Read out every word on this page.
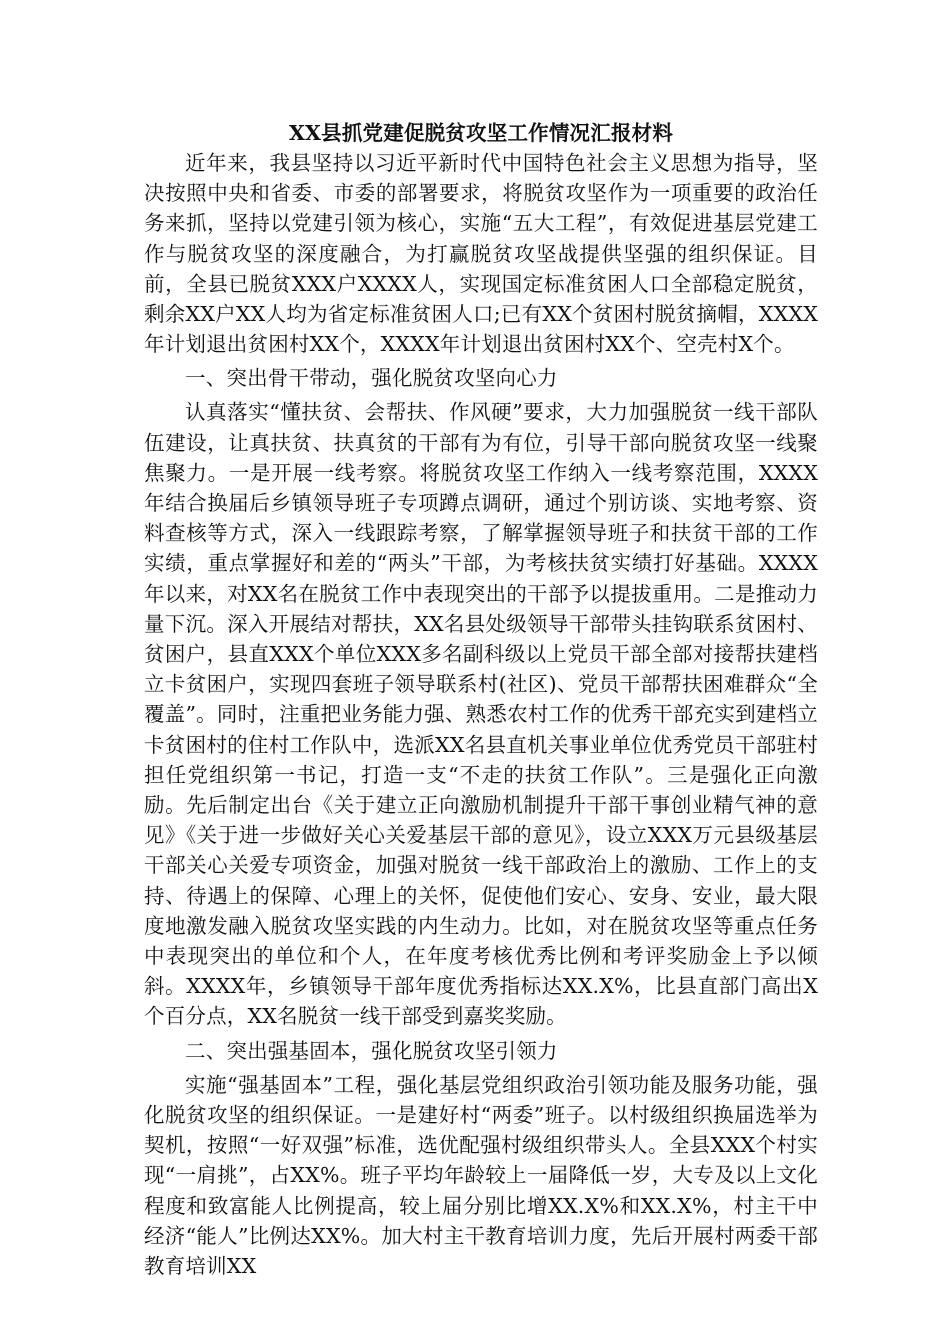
XX县抓党建促脱贫攻坚工作情况汇报材料

近年来，我县坚持以习近平新时代中国特色社会主义思想为指导，坚决按照中央和省委、市委的部署要求，将脱贫攻坚作为一项重要的政治任务来抓，坚持以党建引领为核心，实施“五大工程”，有效促进基层党建工作与脱贫攻坚的深度融合，为打赢脱贫攻坚战提供坚强的组织保证。目前，全县已脱贫XXX户XXXX人，实现国定标准贫困人口全部稳定脱贫， 剩余XX户XX人均为省定标准贫困人口;已有XX个贫困村脱贫摘帽，XXXX年计划退出贫困村XX个，XXXX年计划退出贫困村XX个、空壳村X个。

一、突出骨干带动，强化脱贫攻坚向心力

认真落实“懂扶贫、会帮扶、作风硬”要求，大力加强脱贫一线干部队伍建设，让真扶贫、扶真贫的干部有为有位，引导干部向脱贫攻坚一线聚焦聚力。一是开展一线考察。将脱贫攻坚工作纳入一线考察范围，XXXX年结合换届后乡镇领导班子专项蹲点调研，通过个别访谈、实地考察、资料查核等方式，深入一线跟踪考察，了解掌握领导班子和扶贫干部的工作实绩，重点掌握好和差的“两头”干部，为考核扶贫实绩打好基础。XXXX年以来，对XX名在脱贫工作中表现突出的干部予以提拔重用。二是推动力量下沉。深入开展结对帮扶，XX名县处级领导干部带头挂钩联系贫困村、贫困户，县直XXX个单位XXX多名副科级以上党员干部全部对接帮扶建档立卡贫困户，实现四套班子领导联系村(社区)、党员干部帮扶困难群众“全覆盖”。同时，注重把业务能力强、熟悉农村工作的优秀干部充实到建档立卡贫困村的住村工作队中，选派XX名县直机关事业单位优秀党员干部驻村担任党组织第一书记，打造一支“不走的扶贫工作队”。三是强化正向激励。先后制定出台《关于建立正向激励机制提升干部干事创业精气神的意见》《关于进一步做好关心关爱基层干部的意见》，设立XXX万元县级基层干部关心关爱专项资金，加强对脱贫一线干部政治上的激励、工作上的支持、待遇上的保障、心理上的关怀，促使他们安心、安身、安业，最大限度地激发融入脱贫攻坚实践的内生动力。比如，对在脱贫攻坚等重点任务中表现突出的单位和个人，在年度考核优秀比例和考评奖励金上予以倾斜。XXXX年，乡镇领导干部年度优秀指标达XX.X%，比县直部门高出X个百分点，XX名脱贫一线干部受到嘉奖奖励。

二、突出强基固本，强化脱贫攻坚引领力

实施“强基固本”工程，强化基层党组织政治引领功能及服务功能，强化脱贫攻坚的组织保证。一是建好村“两委”班子。以村级组织换届选举为契机，按照“一好双强”标准，选优配强村级组织带头人。全县XXX个村实现“一肩挑”，占XX%。班子平均年龄较上一届降低一岁，大专及以上文化程度和致富能人比例提高，较上届分别比增XX.X%和XX.X%，村主干中经济“能人”比例达XX%。加大村主干教育培训力度，先后开展村两委干部教育培训XX
